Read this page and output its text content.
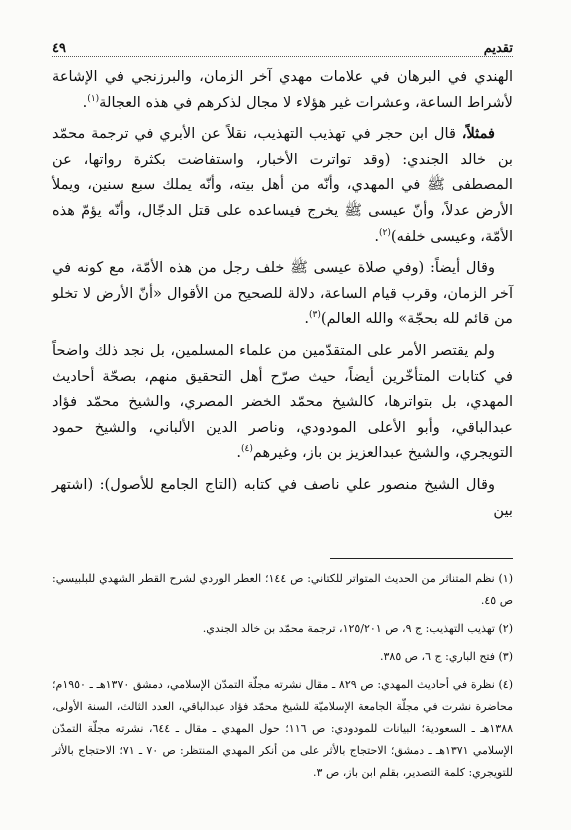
تقديم
٤٩

الهندي في البرهان في علامات مهدي آخر الزمان، والبرزنجي في الإشاعة لأشراط الساعة، وعشرات غير هؤلاء لا مجال لذكرهم في هذه العجالة$^{(١)}$.

فمثلاً، قال ابن حجر في تهذيب التهذيب، نقلاً عن الأبري في ترجمة محمّد بن خالد الجندي: (وقد تواترت الأخبار، واستفاضت بكثرة رواتها، عن المصطفى ﷺ في المهدي، وأنّه من أهل بيته، وأنّه يملك سبع سنين، ويملأ الأرض عدلاً، وأنّ عيسى ﷺ يخرج فيساعده على قتل الدجّال، وأنّه يؤمّ هذه الأمّة، وعيسى خلفه)$^{(٢)}$.

وقال أيضاً: (وفي صلاة عيسى ﷺ خلف رجل من هذه الأمّة، مع كونه في آخر الزمان، وقرب قيام الساعة، دلالة للصحيح من الأقوال «أنّ الأرض لا تخلو من قائم لله بحجّة» والله العالم)$^{(٣)}$.

ولم يقتصر الأمر على المتقدّمين من علماء المسلمين، بل نجد ذلك واضحاً في كتابات المتأخّرين أيضاً، حيث صرّح أهل التحقيق منهم، بصحّة أحاديث المهدي، بل بتواترها، كالشيخ محمّد الخضر المصري، والشيخ محمّد فؤاد عبدالباقي، وأبو الأعلى المودودي، وناصر الدين الألباني، والشيخ حمود التويجري، والشيخ عبدالعزيز بن باز، وغيرهم$^{(٤)}$.

وقال الشيخ منصور علي ناصف في كتابه (التاج الجامع للأصول): (اشتهر بين

(١) نظم المتناثر من الحديث المتواتر للكتاني: ص ١٤٤؛ العطر الوردي لشرح القطر الشهدي للبلبيسي: ص ٤٥.
(٢) تهذيب التهذيب: ج ٩، ص ١٢٥/٢٠١، ترجمة محمّد بن خالد الجندي.
(٣) فتح الباري: ج ٦، ص ٣٨٥.
(٤) نظرة في أحاديث المهدي: ص ٨٢٩ ـ مقال نشرته مجلّة التمدّن الإسلامي، دمشق ١٣٧٠هـ ـ ١٩٥٠م؛ محاضرة نشرت في مجلّة الجامعة الإسلاميّة للشيخ محمّد فؤاد عبدالباقي، العدد الثالث، السنة الأولى، ١٣٨٨هـ ـ السعودية؛ البيانات للمودودي: ص ١١٦؛ حول المهدي ـ مقال ـ ٦٤٤، نشرته مجلّة التمدّن الإسلامي ١٣٧١هـ ـ دمشق؛ الاحتجاج بالأثر على من أنكر المهدي المنتظر: ص ٧٠ ـ ٧١؛ الاحتجاج بالأثر للتويجري: كلمة التصدير، بقلم ابن باز، ص ٣.
